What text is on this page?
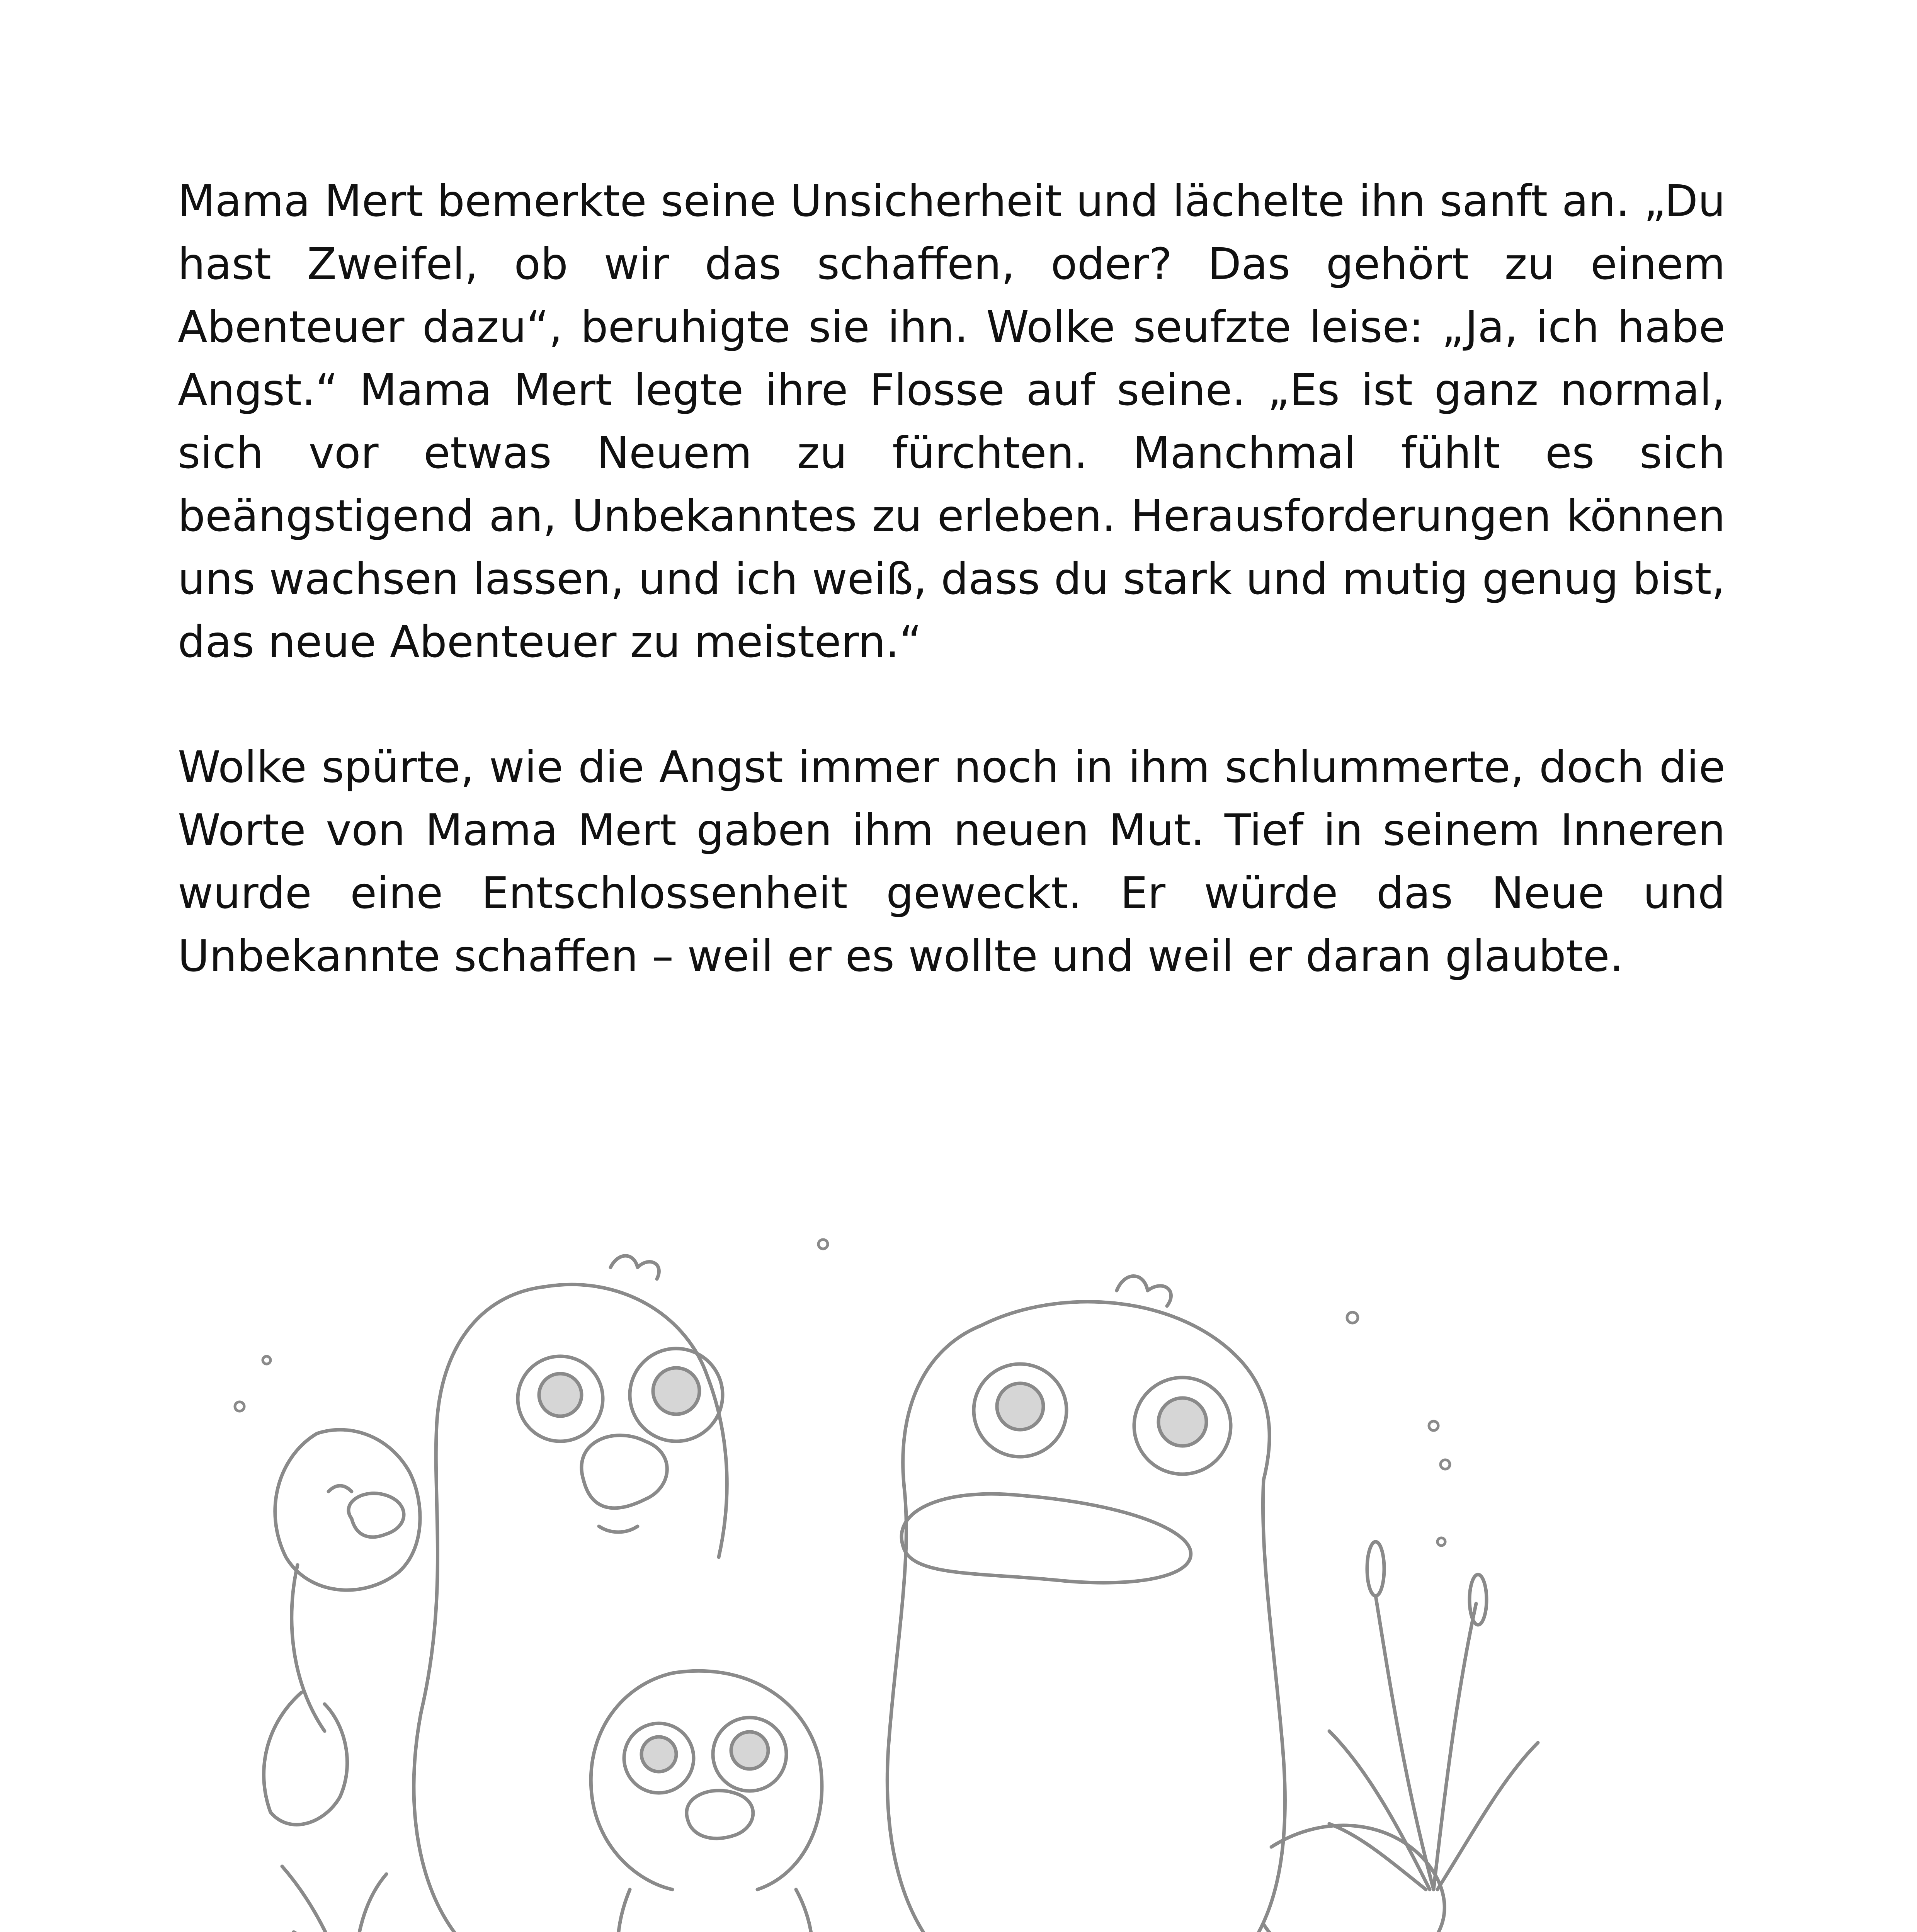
Mama Mert bemerkte seine Unsicherheit und lächelte ihn sanft an. „Du hast Zweifel, ob wir das schaffen, oder? Das gehört zu einem Abenteuer dazu“, beruhigte sie ihn. Wolke seufzte leise: „Ja, ich habe Angst.“ Mama Mert legte ihre Flosse auf seine. „Es ist ganz normal, sich vor etwas Neuem zu fürchten. Manchmal fühlt es sich beängstigend an, Unbekanntes zu erleben. Herausforderungen können uns wachsen lassen, und ich weiß, dass du stark und mutig genug bist, das neue Abenteuer zu meistern.“

Wolke spürte, wie die Angst immer noch in ihm schlummerte, doch die Worte von Mama Mert gaben ihm neuen Mut. Tief in seinem Inneren wurde eine Entschlossenheit geweckt. Er würde das Neue und Unbekannte schaffen – weil er es wollte und weil er daran glaubte.
